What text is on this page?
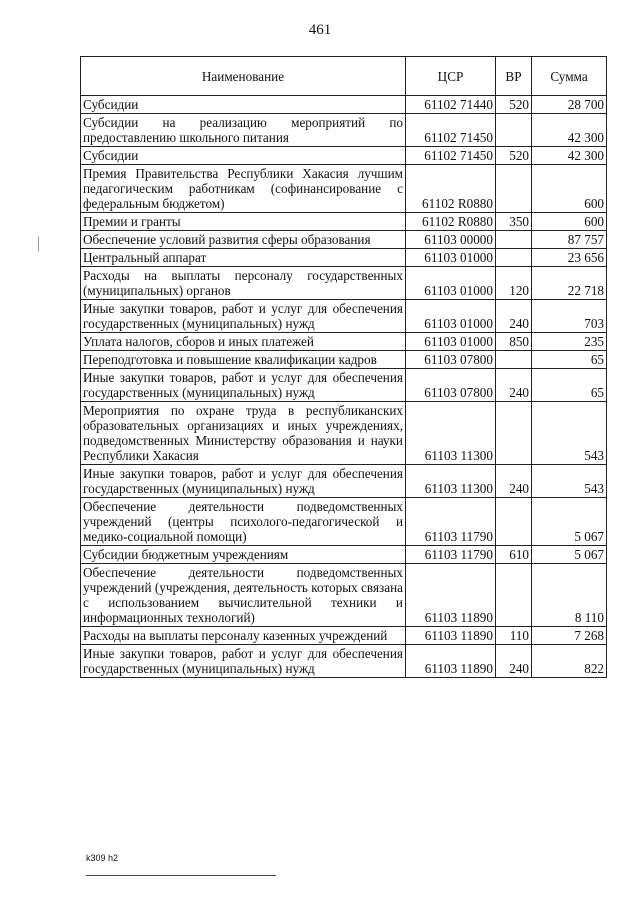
461
Наименование	ЦСР	ВР	Сумма
Субсидии	61102 71440	520	28 700
Субсидии на реализацию мероприятий по предоставлению школьного питания	61102 71450		42 300
Субсидии	61102 71450	520	42 300
Премия Правительства Республики Хакасия лучшим педагогическим работникам (софинансирование с федеральным бюджетом)	61102 R0880		600
Премии и гранты	61102 R0880	350	600
Обеспечение условий развития сферы образования	61103 00000		87 757
Центральный аппарат	61103 01000		23 656
Расходы на выплаты персоналу государственных (муниципальных) органов	61103 01000	120	22 718
Иные закупки товаров, работ и услуг для обеспечения государственных (муниципальных) нужд	61103 01000	240	703
Уплата налогов, сборов и иных платежей	61103 01000	850	235
Переподготовка и повышение квалификации кадров	61103 07800		65
Иные закупки товаров, работ и услуг для обеспечения государственных (муниципальных) нужд	61103 07800	240	65
Мероприятия по охране труда в республиканских образовательных организациях и иных учреждениях, подведомственных Министерству образования и науки Республики Хакасия	61103 11300		543
Иные закупки товаров, работ и услуг для обеспечения государственных (муниципальных) нужд	61103 11300	240	543
Обеспечение деятельности подведомственных учреждений (центры психолого-педагогической и медико-социальной помощи)	61103 11790		5 067
Субсидии бюджетным учреждениям	61103 11790	610	5 067
Обеспечение деятельности подведомственных учреждений (учреждения, деятельность которых связана с использованием вычислительной техники и информационных технологий)	61103 11890		8 110
Расходы на выплаты персоналу казенных учреждений	61103 11890	110	7 268
Иные закупки товаров, работ и услуг для обеспечения государственных (муниципальных) нужд	61103 11890	240	822
k309 h2
